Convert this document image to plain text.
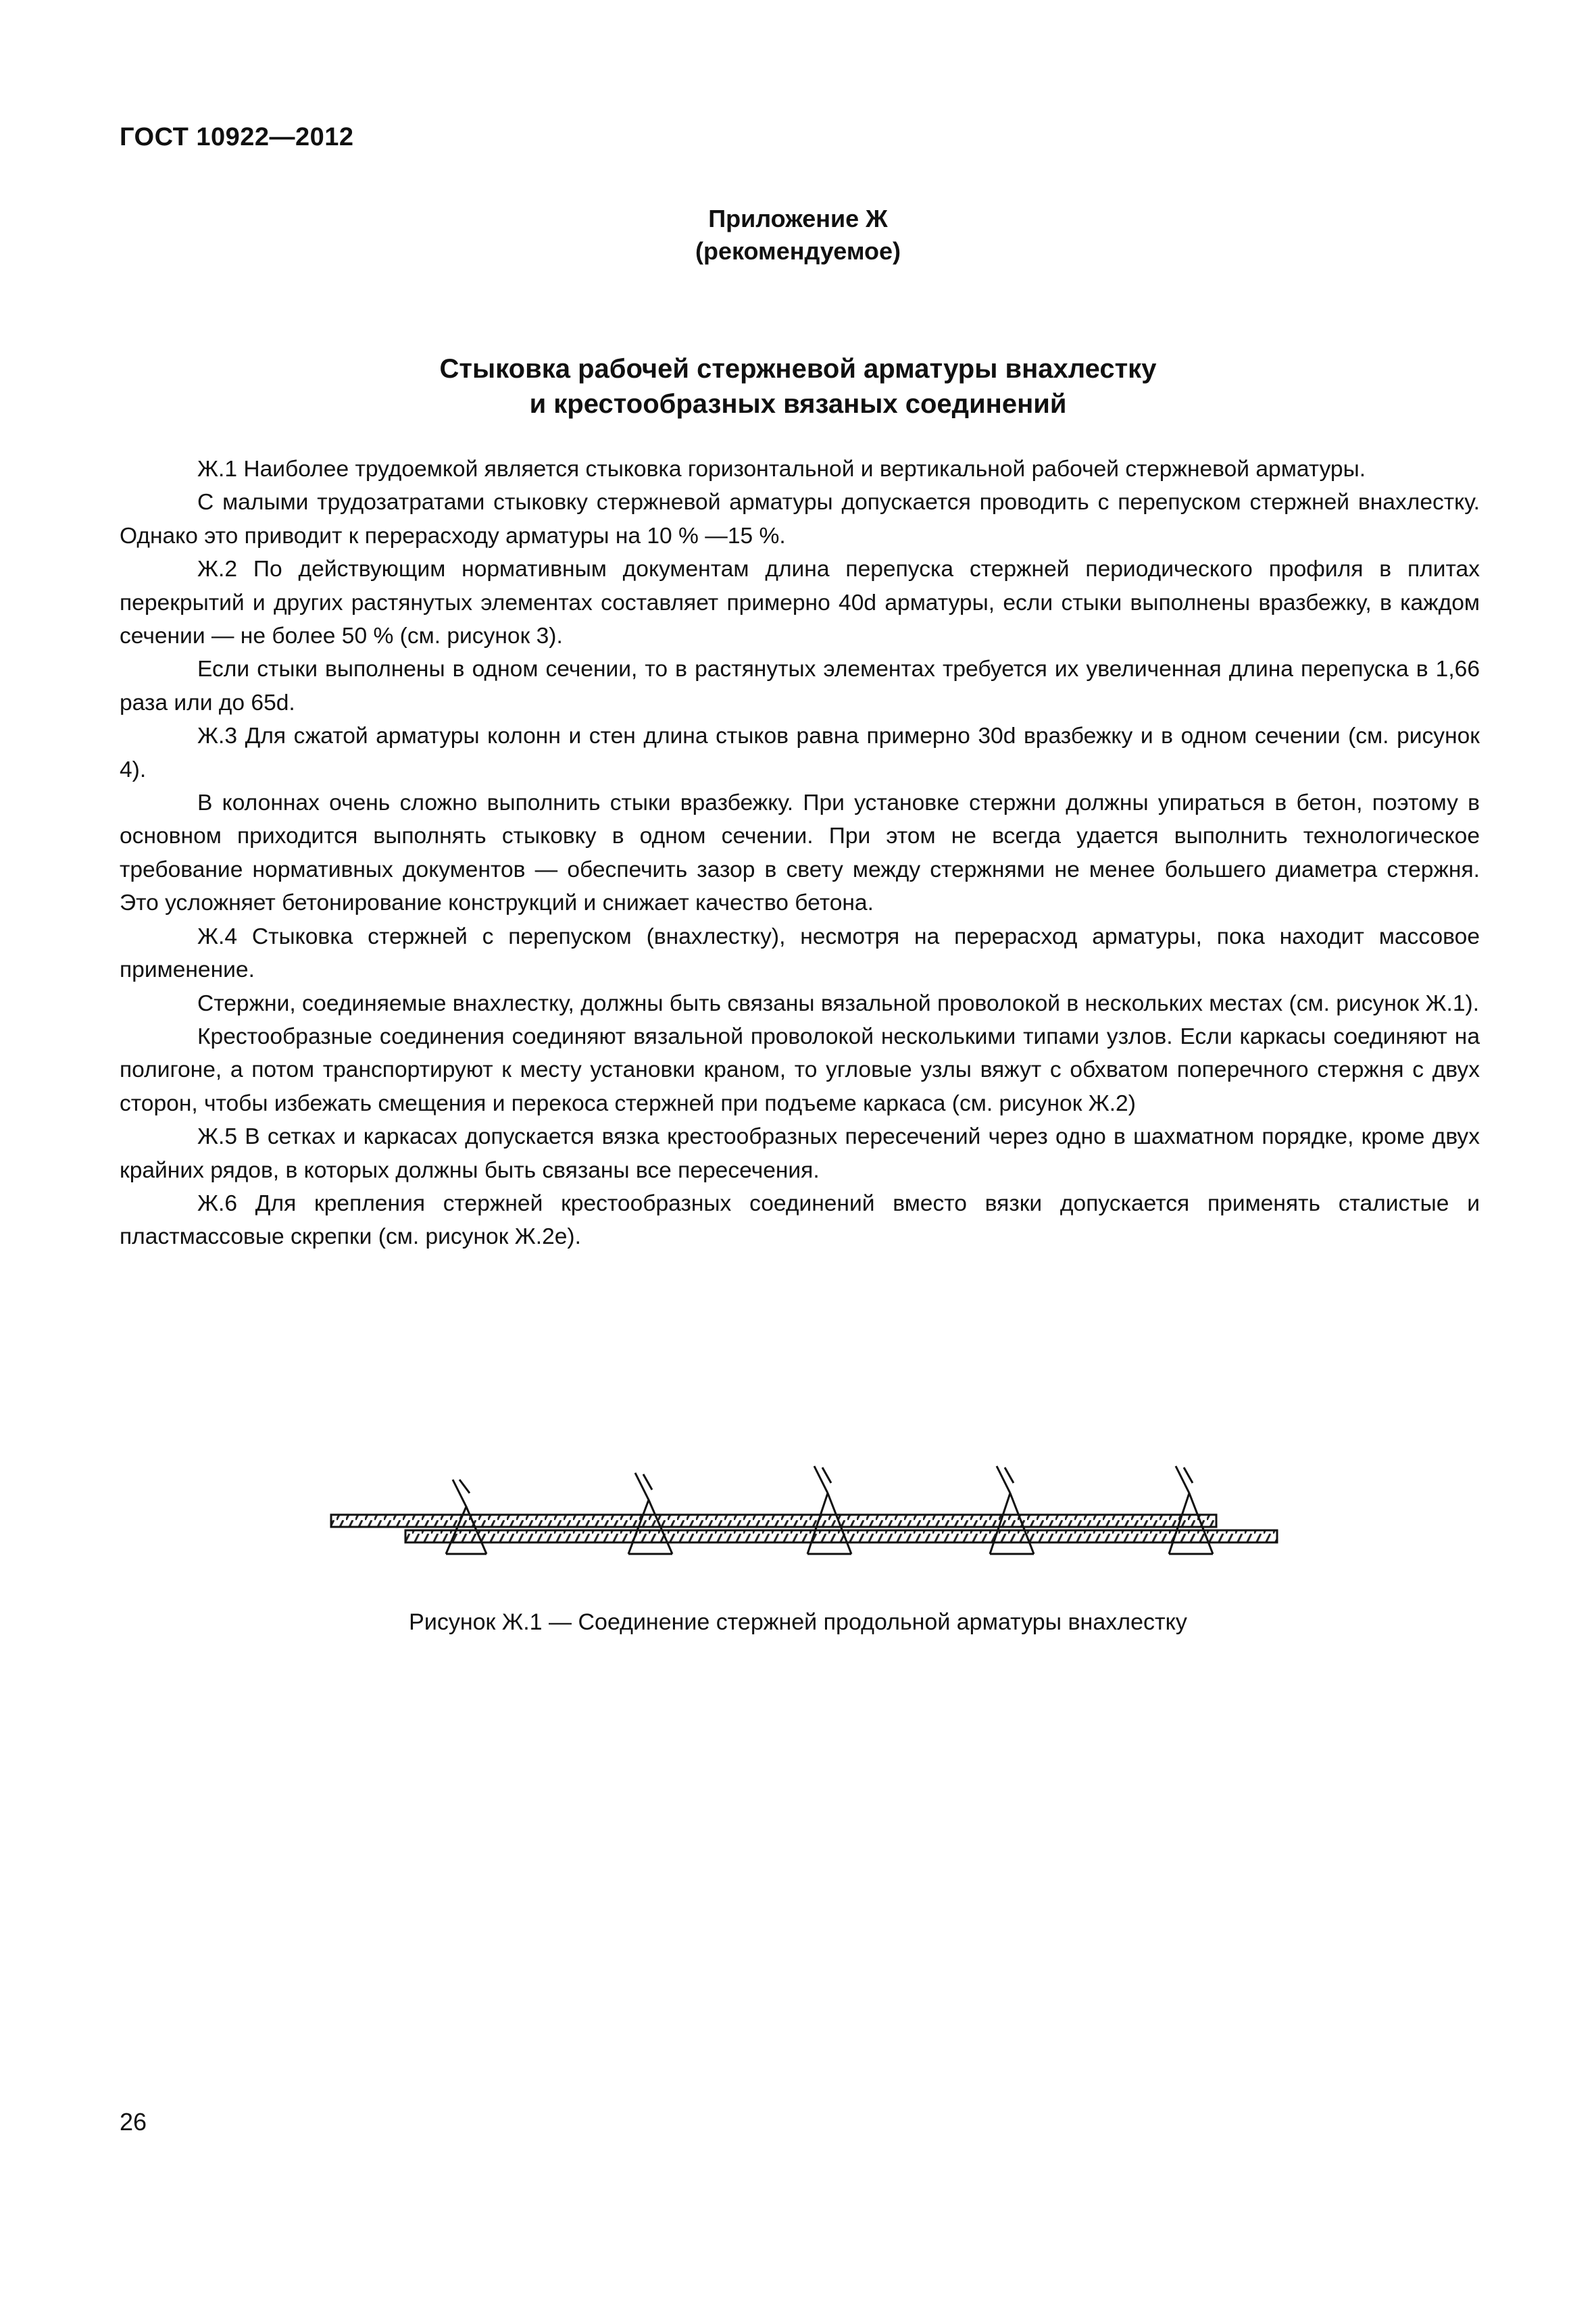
ГОСТ 10922—2012
Приложение Ж
(рекомендуемое)
Стыковка рабочей стержневой арматуры внахлестку
и крестообразных вязаных соединений

Ж.1 Наиболее трудоемкой является стыковка горизонтальной и вертикальной рабочей стержневой арматуры.

С малыми трудозатратами стыковку стержневой арматуры допускается проводить с перепуском стержней внахлестку. Однако это приводит к перерасходу арматуры на 10 % —15 %.

Ж.2 По действующим нормативным документам длина перепуска стержней периодического профиля в плитах перекрытий и других растянутых элементах составляет примерно 40d арматуры, если стыки выполнены вразбежку, в каждом сечении — не более 50 % (см. рисунок 3).

Если стыки выполнены в одном сечении, то в растянутых элементах требуется их увеличенная длина перепуска в 1,66 раза или до 65d.

Ж.3 Для сжатой арматуры колонн и стен длина стыков равна примерно 30d вразбежку и в одном сечении (см. рисунок 4).

В колоннах очень сложно выполнить стыки вразбежку. При установке стержни должны упираться в бетон, поэтому в основном приходится выполнять стыковку в одном сечении. При этом не всегда удается выполнить технологическое требование нормативных документов — обеспечить зазор в свету между стержнями не менее большего диаметра стержня. Это усложняет бетонирование конструкций и снижает качество бетона.

Ж.4 Стыковка стержней с перепуском (внахлестку), несмотря на перерасход арматуры, пока находит массовое применение.

Стержни, соединяемые внахлестку, должны быть связаны вязальной проволокой в нескольких местах (см. рисунок Ж.1).

Крестообразные соединения соединяют вязальной проволокой несколькими типами узлов. Если каркасы соединяют на полигоне, а потом транспортируют к месту установки краном, то угловые узлы вяжут с обхватом поперечного стержня с двух сторон, чтобы избежать смещения и перекоса стержней при подъеме каркаса (см. рисунок Ж.2)

Ж.5 В сетках и каркасах допускается вязка крестообразных пересечений через одно в шахматном порядке, кроме двух крайних рядов, в которых должны быть связаны все пересечения.

Ж.6 Для крепления стержней крестообразных соединений вместо вязки допускается применять сталистые и пластмассовые скрепки (см. рисунок Ж.2е).

Рисунок Ж.1 — Соединение стержней продольной арматуры внахлестку
26
